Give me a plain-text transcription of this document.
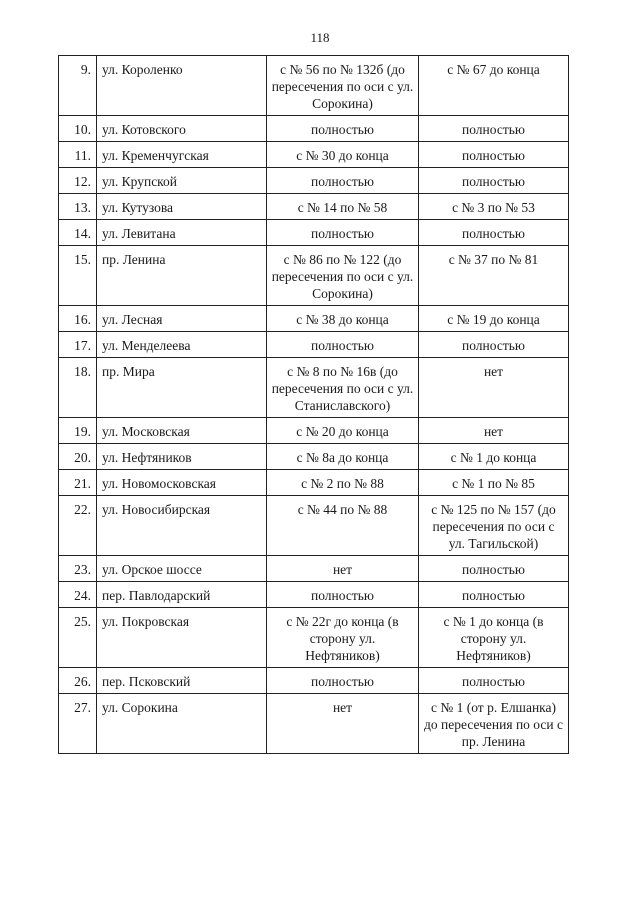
118
9.	ул. Короленко	с № 56 по № 132б (до пересечения по оси с ул. Сорокина)	с № 67 до конца
10.	ул. Котовского	полностью	полностью
11.	ул. Кременчугская	с № 30 до конца	полностью
12.	ул. Крупской	полностью	полностью
13.	ул. Кутузова	с № 14 по № 58	с № 3 по № 53
14.	ул. Левитана	полностью	полностью
15.	пр. Ленина	с № 86 по № 122 (до пересечения по оси с ул. Сорокина)	с № 37 по № 81
16.	ул. Лесная	с № 38 до конца	с № 19 до конца
17.	ул. Менделеева	полностью	полностью
18.	пр. Мира	с № 8 по № 16в (до пересечения по оси с ул. Станиславского)	нет
19.	ул. Московская	с № 20 до конца	нет
20.	ул. Нефтяников	с № 8а до конца	с № 1 до конца
21.	ул. Новомосковская	с № 2 по № 88	с № 1 по № 85
22.	ул. Новосибирская	с № 44 по № 88	с № 125 по № 157 (до пересечения по оси с ул. Тагильской)
23.	ул. Орское шоссе	нет	полностью
24.	пер. Павлодарский	полностью	полностью
25.	ул. Покровская	с № 22г до конца (в сторону ул. Нефтяников)	с № 1 до конца (в сторону ул. Нефтяников)
26.	пер. Псковский	полностью	полностью
27.	ул. Сорокина	нет	с № 1 (от р. Елшанка) до пересечения по оси с пр. Ленина
